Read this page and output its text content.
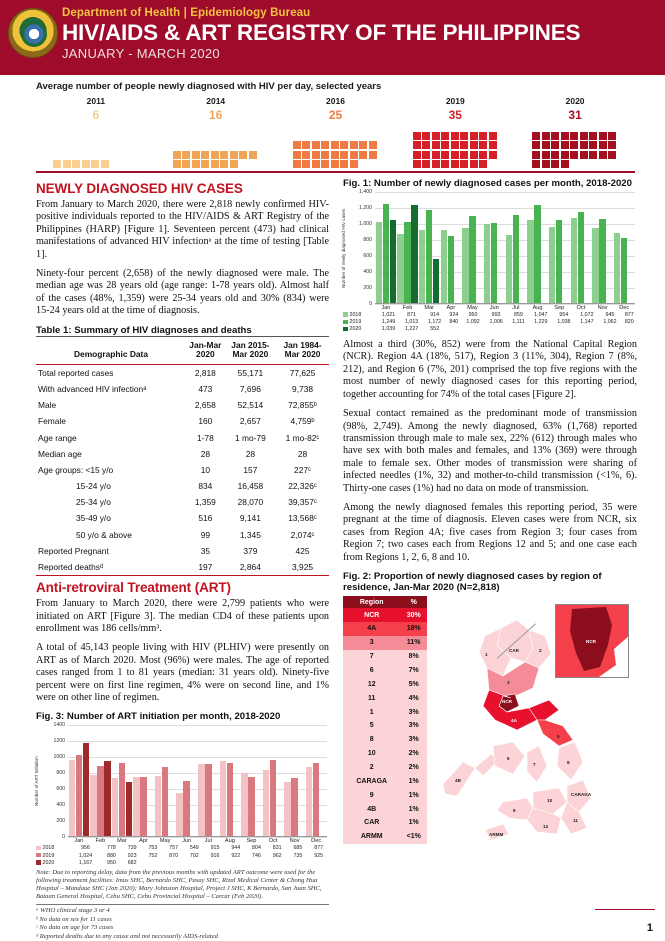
Department of Health | Epidemiology Bureau
HIV/AIDS & ART REGISTRY OF THE PHILIPPINES
JANUARY - MARCH 2020
Average number of people newly diagnosed with HIV per day, selected years
2011
6
2014
16
2016
25
2019
35
2020
31
NEWLY DIAGNOSED HIV CASES

From January to March 2020, there were 2,818 newly confirmed HIV-positive individuals reported to the HIV/AIDS & ART Registry of the Philippines (HARP) [Figure 1]. Seventeen percent (473) had clinical manifestations of advanced HIV infectionᵃ at the time of testing [Table 1].

Ninety-four percent (2,658) of the newly diagnosed were male. The median age was 28 years old (age range: 1-78 years old). Almost half of the cases (48%, 1,359) were 25-34 years old and 30% (834) were 15-24 years old at the time of diagnosis.

Table 1: Summary of HIV diagnoses and deaths
Demographic Data	Jan-Mar 2020	Jan 2015-Mar 2020	Jan 1984-Mar 2020
Total reported cases	2,818	55,171	77,625
With advanced HIV infectionᵃ	473	7,696	9,738
Male	2,658	52,514	72,855ᵇ
Female	160	2,657	4,759ᵇ
Age range	1-78	1 mo-79	1 mo-82ᶜ
Median age	28	28	28
Age groups: <15 y/o	10	157	227ᶜ
15-24 y/o	834	16,458	22,326ᶜ
25-34 y/o	1,359	28,070	39,357ᶜ
35-49 y/o	516	9,141	13,568ᶜ
50 y/o & above	99	1,345	2,074ᶜ
Reported Pregnant	35	379	425
Reported deathsᵈ	197	2,864	3,925
Anti-retroviral Treatment (ART)

From January to March 2020, there were 2,799 patients who were initiated on ART [Figure 3]. The median CD4 of these patients upon enrollment was 186 cells/mm³.

A total of 45,143 people living with HIV (PLHIV) were presently on ART as of March 2020. Most (96%) were males. The age of reported cases ranged from 1 to 81 years (median: 31 years old). Ninety-five percent were on first line regimen, 4% were on second line, and 1% were on other line of regimen.

Fig. 3: Number of ART initiation per month, 2018-2020
Number of ART initiation
0
200
400
600
800
1000
1200
1400
Jan	Feb	Mar	Apr	May	Jun	Jul	Aug	Sep	Oct	Nov	Dec
2018	956	778	739	753	757	549	915	944	804	831	685	877
2019	1,024	880	923	752	870	702	916	922	746	962	735	925
2020	1,167	950	682									
Note: Due to reporting delay, data from the previous months with updated ART outcome were used for the following treatment facilities: Imus SHC, Bernardo SHC, Pasay SHC, Rizal Medical Center & Chong Hua Hospital – Mandaue SHC (Jan 2020); Mary Johnston Hospital, Project J SHC, K Bernardo, San Juan SHC, Bataan General Hospital, Cebu SHC, Cebu Provincial Hospital – Carcar (Feb 2020).
ᵃ WHO clinical stage 3 or 4
ᵇ No data on sex for 11 cases
ᶜ No data on age for 73 cases
ᵈ Reported deaths due to any cause and not necessarily AIDS-related
Fig. 1: Number of newly diagnosed cases per month, 2018-2020
Number of newly diagnosed HIV cases
0
200
400
600
800
1,000
1,200
1,400
Jan	Feb	Mar	Apr	May	Jun	Jul	Aug	Sep	Oct	Nov	Dec
2018	1,021	871	914	924	950	993	859	1,047	954	1,072	945	877
2019	1,249	1,013	1,172	840	1,092	1,006	1,111	1,229	1,038	1,147	1,062	820
2020	1,039	1,227	552									

Almost a third (30%, 852) were from the National Capital Region (NCR). Region 4A (18%, 517), Region 3 (11%, 304), Region 7 (8%, 212), and Region 6 (7%, 201) comprised the top five regions with the most number of newly diagnosed cases for this reporting period, together accounting for 74% of the total cases [Figure 2].

Sexual contact remained as the predominant mode of transmission (98%, 2,749). Among the newly diagnosed, 63% (1,768) reported transmission through male to male sex, 22% (612) through males who have sex with both males and females, and 13% (369) were through male to female sex. Other modes of transmission were sharing of infected needles (1%, 32) and mother-to-child transmission (<1%, 6). Thirty-one cases (1%) had no data on mode of transmission.

Among the newly diagnosed females this reporting period, 35 were pregnant at the time of diagnosis. Eleven cases were from NCR, six cases from Region 4A; five cases from Region 3; four cases from Region 7; two cases each from Regions 12 and 5; and one case each from Regions 1, 2, 6, 8 and 10.

Fig. 2: Proportion of newly diagnosed cases by region of residence, Jan-Mar 2020 (N=2,818)
Region	%
NCR	30%
4A	18%
3	11%
7	8%
6	7%
12	5%
11	4%
1	3%
5	3%
8	3%
10	2%
2	2%
CARAGA	1%
9	1%
4B	1%
CAR	1%
ARMM	<1%
NCR
CAR	2
1
3
NCR
4A
5
8
6
7
4B
CARAGA
10
11
9
12
ARMM
1
